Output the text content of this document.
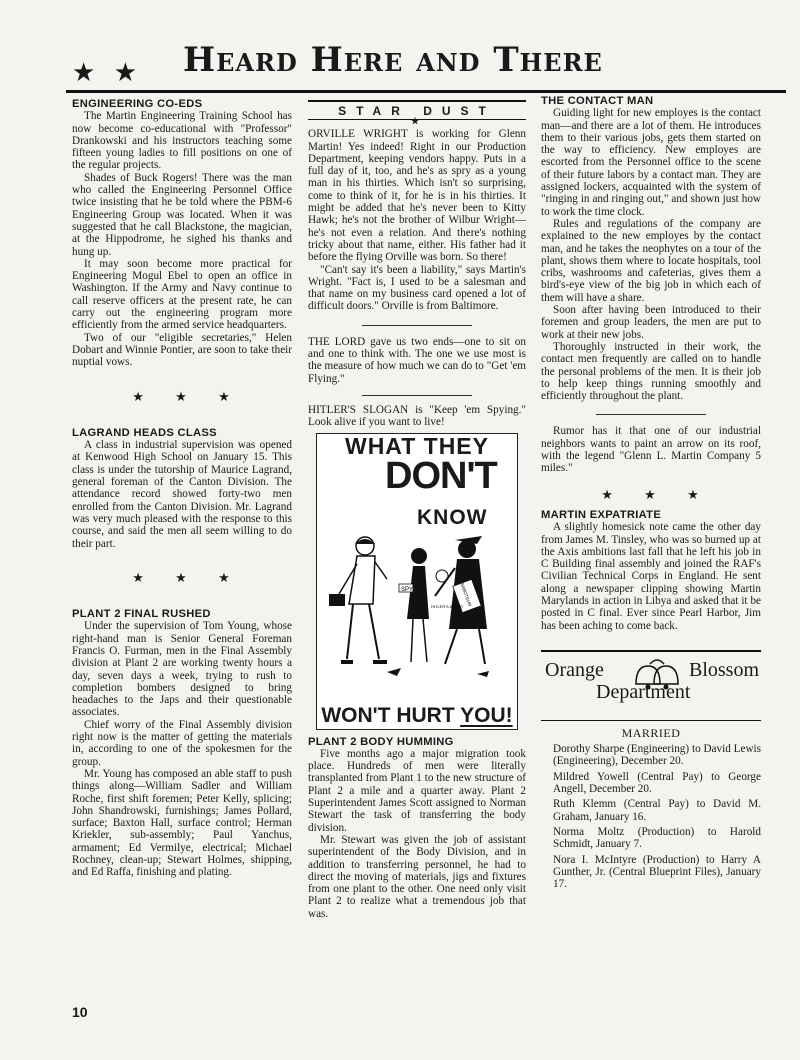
★ ★ Heard Here and There

ENGINEERING CO-EDS

The Martin Engineering Training School has now become co-educational with "Professor" Drankowski and his instructors teaching some fifteen young ladies to fill positions on one of the regular projects.

Shades of Buck Rogers! There was the man who called the Engineering Personnel Office twice insisting that he be told where the PBM-6 Engineering Group was located. When it was suggested that he call Blackstone, the magician, at the Hippodrome, he sighed his thanks and hung up.

It may soon become more practical for Engineering Mogul Ebel to open an office in Washington. If the Army and Navy continue to call reserve officers at the present rate, he can carry out the engineering program more efficiently from the armed service headquarters.

Two of our "eligible secretaries," Helen Dobart and Winnie Pontier, are soon to take their nuptial vows.

★ ★ ★

LAGRAND HEADS CLASS

A class in industrial supervision was opened at Kenwood High School on January 15. This class is under the tutorship of Maurice Lagrand, general foreman of the Canton Division. The attendance record showed forty-two men enrolled from the Canton Division. Mr. Lagrand was very much pleased with the response to this course, and said the men all seem willing to do their part.

★ ★ ★

PLANT 2 FINAL RUSHED

Under the supervision of Tom Young, whose right-hand man is Senior General Foreman Francis O. Furman, men in the Final Assembly division at Plant 2 are working twenty hours a day, seven days a week, trying to rush to completion bombers designed to bring headaches to the Japs and their questionable associates.

Chief worry of the Final Assembly division right now is the matter of getting the materials in, according to one of the spokesmen for the group.

Mr. Young has composed an able staff to push things along—William Sadler and William Roche, first shift foremen; Peter Kelly, splicing; John Shandrowski, furnishings; James Pollard, surface; Baxton Hall, surface control; Herman Kriekler, sub-assembly; Paul Yanchus, armament; Ed Vermilye, electrical; Michael Rochney, clean-up; Stewart Holmes, shipping, and Ed Raffa, finishing and plating.

STAR DUST
★

ORVILLE WRIGHT is working for Glenn Martin! Yes indeed! Right in our Production Department, keeping vendors happy. Puts in a full day of it, too, and he's as spry as a young man in his thirties. Which isn't so surprising, come to think of it, for he is in his thirties. It might be added that he's never been to Kitty Hawk; he's not the brother of Wilbur Wright—he's not even a relation. And there's nothing tricky about that name, either. His father had it before the flying Orville was born. So there!

"Can't say it's been a liability," says Martin's Wright. "Fact is, I used to be a salesman and that name on my business card opened a lot of difficult doors." Orville is from Baltimore.

THE LORD gave us two ends—one to sit on and one to think with. The one we use most is the measure of how much we can do to "Get 'em Flying."

HITLER'S SLOGAN is "Keep 'em Spying." Look alive if you want to live!

WHAT THEY
DON'T
KNOW
SPY	SABOTEUR
HITLER'S AGENT
WON'T HURT YOU!

PLANT 2 BODY HUMMING

Five months ago a major migration took place. Hundreds of men were literally transplanted from Plant 1 to the new structure of Plant 2 a mile and a quarter away. Plant 2 Superintendent James Scott assigned to Norman Stewart the task of transferring the body division.

Mr. Stewart was given the job of assistant superintendent of the Body Division, and in addition to transferring personnel, he had to direct the moving of materials, jigs and fixtures from one plant to the other. One need only visit Plant 2 to realize what a tremendous job that was.

THE CONTACT MAN

Guiding light for new employes is the contact man—and there are a lot of them. He introduces them to their various jobs, gets them started on the way to efficiency. New employes are escorted from the Personnel office to the scene of their future labors by a contact man. They are assigned lockers, acquainted with the system of "ringing in and ringing out," and shown just how to work the time clock.

Rules and regulations of the company are explained to the new employes by the contact man, and he takes the neophytes on a tour of the plant, shows them where to locate hospitals, tool cribs, washrooms and cafeterias, gives them a bird's-eye view of the big job in which each of them will have a share.

Soon after having been introduced to their foremen and group leaders, the men are put to work at their new jobs.

Thoroughly instructed in their work, the contact men frequently are called on to handle the personal problems of the men. It is their job to help keep things running smoothly and efficiently throughout the plant.

Rumor has it that one of our industrial neighbors wants to paint an arrow on its roof, with the legend "Glenn L. Martin Company 5 miles."

★ ★ ★

MARTIN EXPATRIATE

A slightly homesick note came the other day from James M. Tinsley, who was so burned up at the Axis ambitions last fall that he left his job in C Building final assembly and joined the RAF's Civilian Technical Corps in England. He sent along a newspaper clipping showing Martin Marylands in action in Libya and asked that it be posted in C final. Ever since Pearl Harbor, Jim has been aching to come back.

Orange	Blossom
Department
MARRIED

Dorothy Sharpe (Engineering) to David Lewis (Engineering), December 20.

Mildred Yowell (Central Pay) to George Angell, December 20.

Ruth Klemm (Central Pay) to David M. Graham, January 16.

Norma Moltz (Production) to Harold Schmidt, January 7.

Nora I. McIntyre (Production) to Harry A Gunther, Jr. (Central Blueprint Files), January 17.

10
